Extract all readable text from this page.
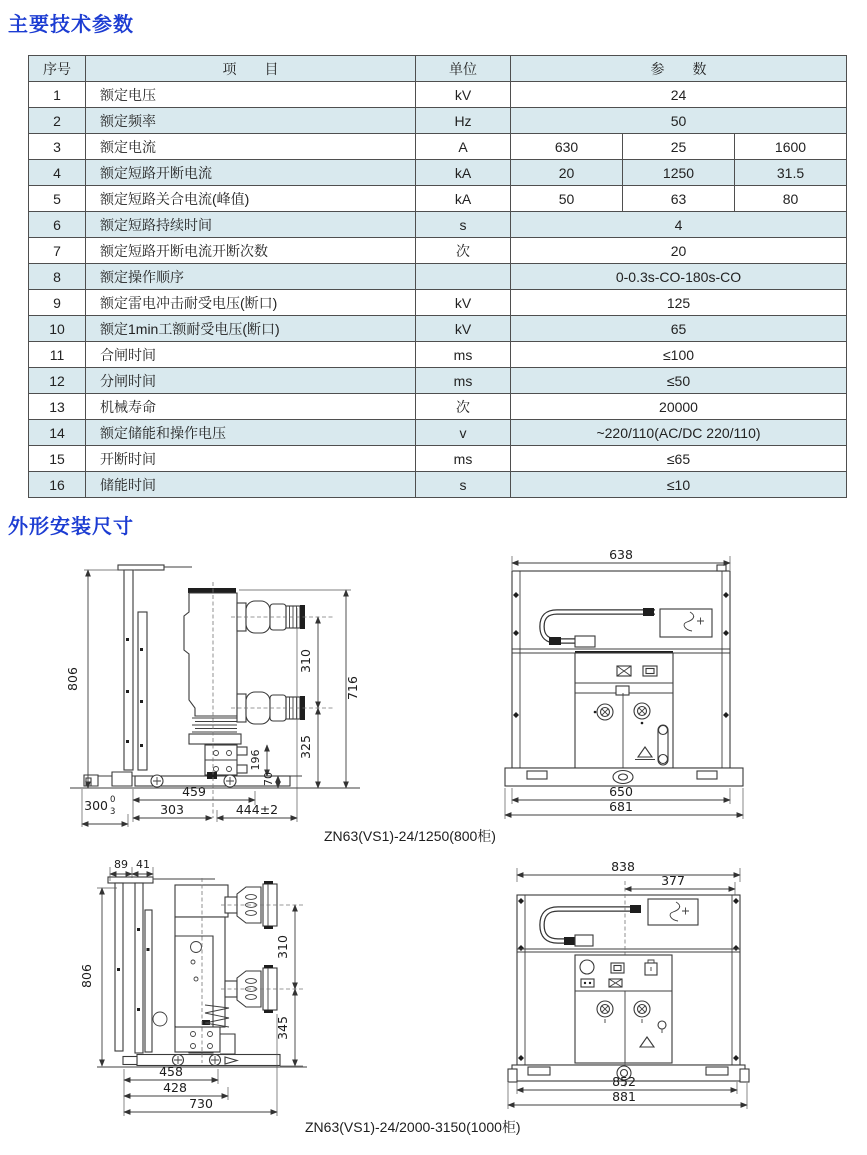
主要技术参数
序号	项　　目	单位	参　　数		
1	额定电压	kV	24		
2	额定频率	Hz	50		
3	额定电流	A	630	25	1600
4	额定短路开断电流	kA	20	1250	31.5
5	额定短路关合电流(峰值)	kA	50	63	80
6	额定短路持续时间	s	4		
7	额定短路开断电流开断次数	次	20		
8	额定操作顺序		0-0.3s-CO-180s-CO		
9	额定雷电冲击耐受电压(断口)	kV	125		
10	额定1min工额耐受电压(断口)	kV	65		
11	合闸时间	ms	≤100		
12	分闸时间	ms	≤50		
13	机械寿命	次	20000		
14	额定储能和操作电压	v	~220/110(AC/DC 220/110)		
15	开断时间	ms	≤65		
16	储能时间	s	≤10		
外形安装尺寸
806
310
325
716
196
70
459
303	444±2
300 0
3
638
650
681
ZN63(VS1)-24/1250(800柜)
89 41
806
310
345
458
428
730
838
377
852
881
ZN63(VS1)-24/2000-3150(1000柜)
